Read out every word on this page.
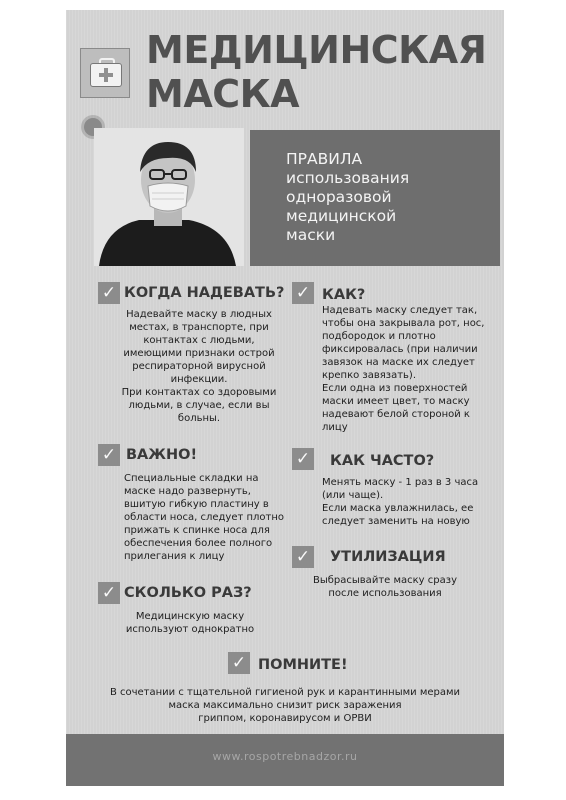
МЕДИЦИНСКАЯ
МАСКА
ПРАВИЛА
использования
одноразовой
медицинской
маски
✓ КОГДА НАДЕВАТЬ?

Надевайте маску в людных
местах, в транспорте, при
контактах с людьми,
имеющими признаки острой
респираторной вирусной
инфекции.
При контактах со здоровыми
людьми, в случае, если вы
больны.

✓ КАК?

Надевать маску следует так,
чтобы она закрывала рот, нос,
подбородок и плотно
фиксировалась (при наличии
завязок на маске их следует
крепко завязать).
Если одна из поверхностей
маски имеет цвет, то маску
надевают белой стороной к
лицу

✓ ВАЖНО!

Специальные складки на
маске надо развернуть,
вшитую гибкую пластину в
области носа, следует плотно
прижать к спинке носа для
обеспечения более полного
прилегания к лицу

✓ КАК ЧАСТО?

Менять маску - 1 раз в 3 часа
(или чаще).
Если маска увлажнилась, ее
следует заменить на новую

✓ УТИЛИЗАЦИЯ

Выбрасывайте маску сразу
после использования

✓ СКОЛЬКО РАЗ?

Медицинскую маску
используют однократно

✓ ПОМНИТЕ!

В сочетании с тщательной гигиеной рук и карантинными мерами
маска максимально снизит риск заражения
гриппом, коронавирусом и ОРВИ

www.rospotrebnadzor.ru
